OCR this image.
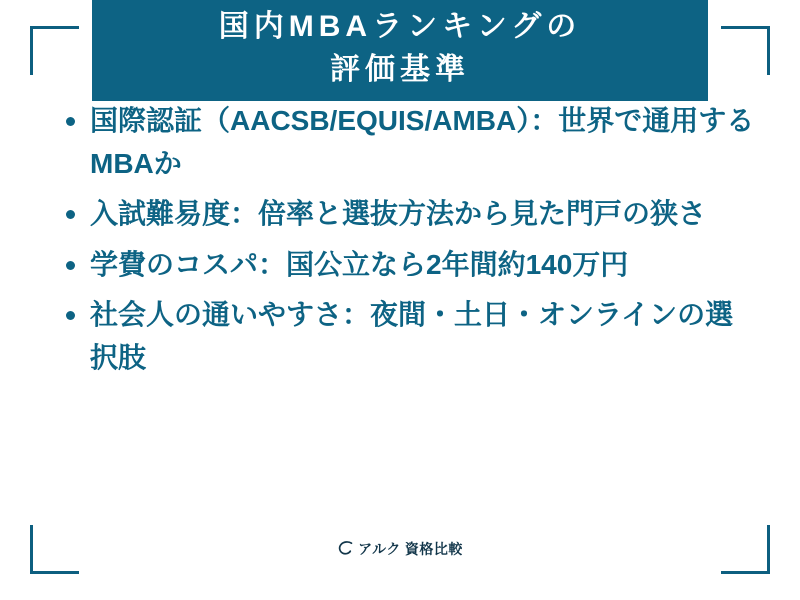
国内MBAランキングの
評価基準
国際認証（AACSB/EQUIS/AMBA）：世界で通用するMBAか
入試難易度：倍率と選抜方法から見た門戸の狭さ
学費のコスパ：国公立なら2年間約140万円
社会人の通いやすさ：夜間・土日・オンラインの選択肢
アルク 資格比較
